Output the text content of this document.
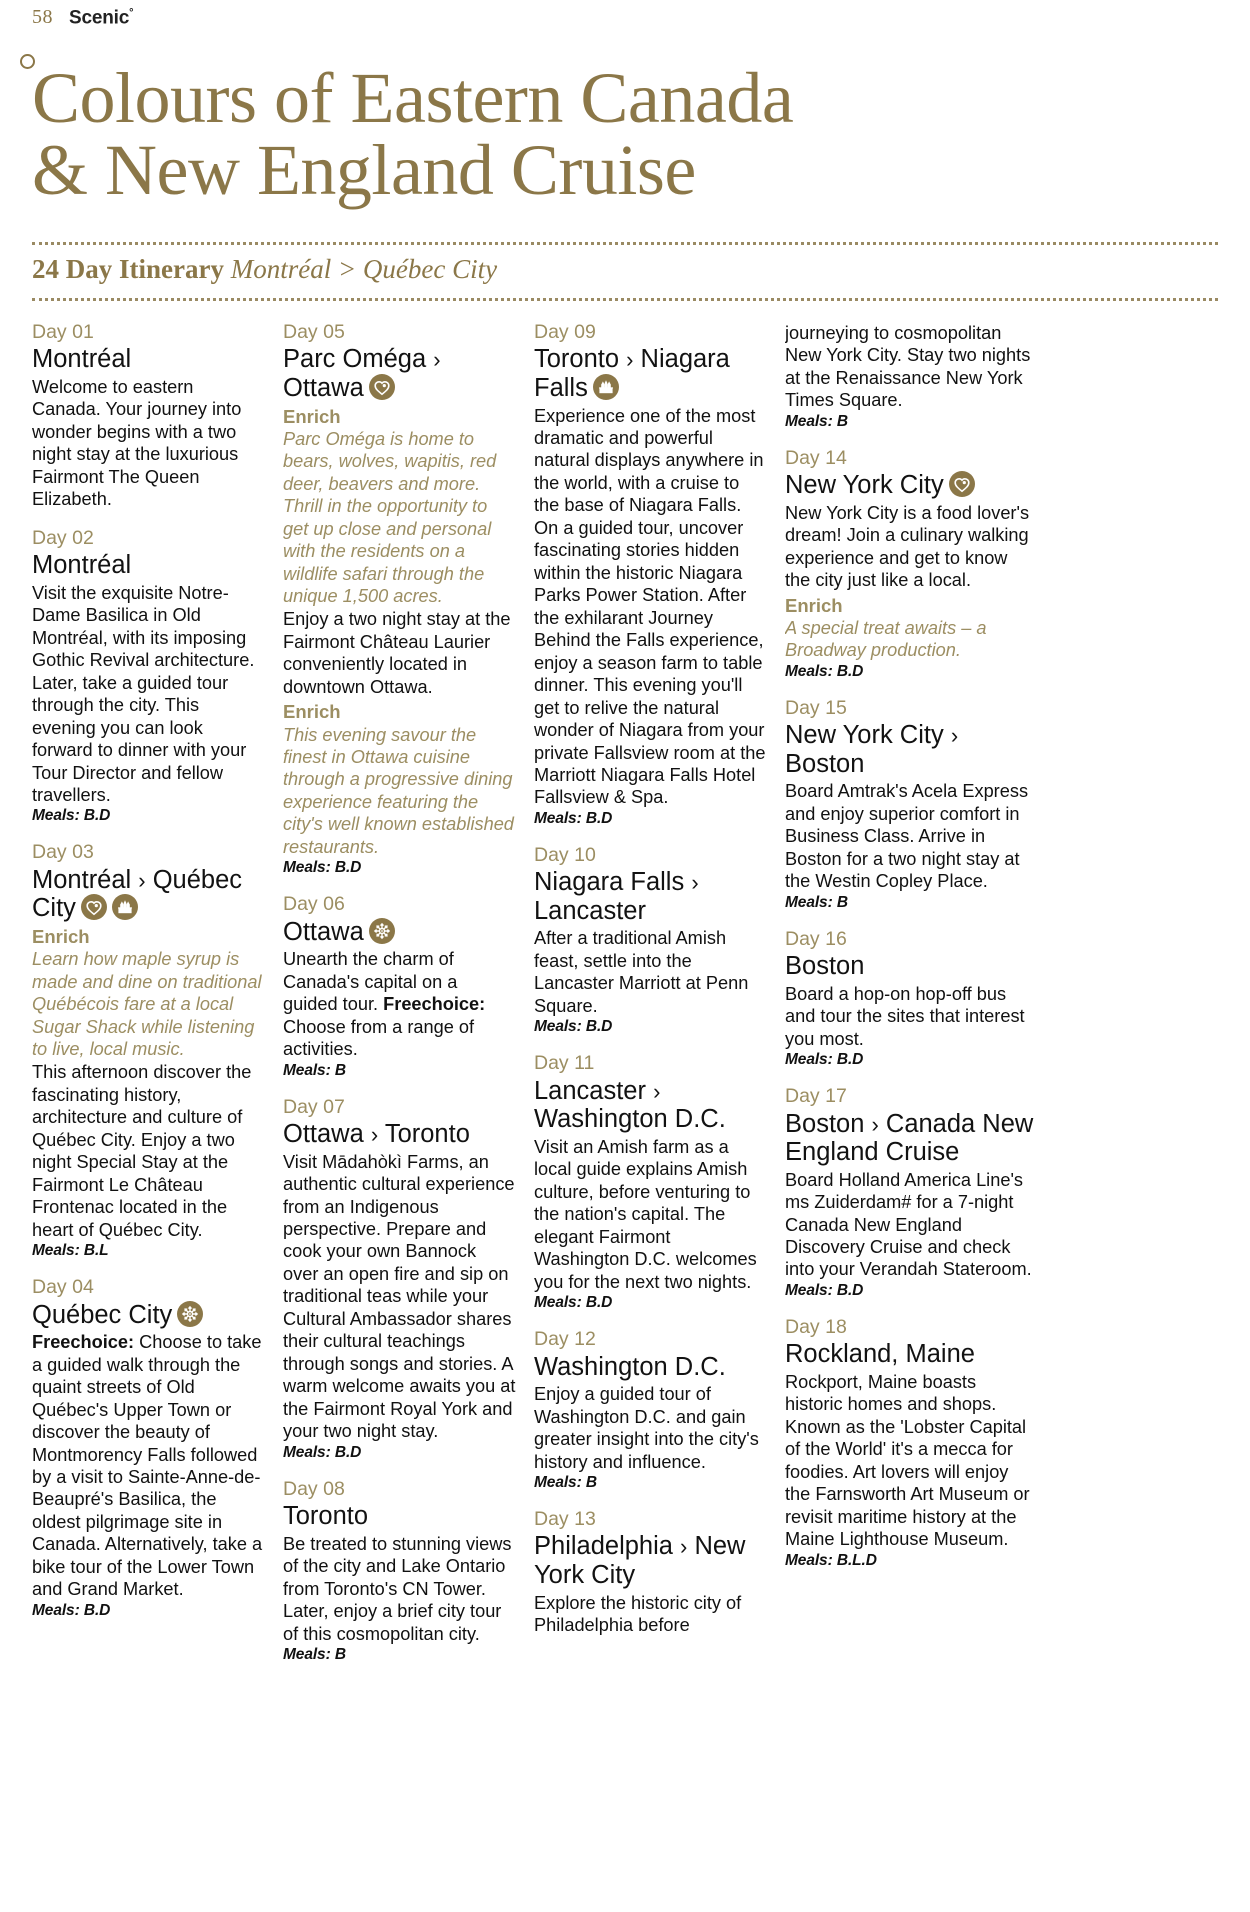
58 Scenic°
Colours of Eastern Canada & New England Cruise
24 Day Itinerary Montréal > Québec City
Day 01
Montréal
Welcome to eastern Canada. Your journey into wonder begins with a two night stay at the luxurious Fairmont The Queen Elizabeth.
Day 02
Montréal
Visit the exquisite Notre-Dame Basilica in Old Montréal, with its imposing Gothic Revival architecture. Later, take a guided tour through the city. This evening you can look forward to dinner with your Tour Director and fellow travellers.
Meals: B.D
Day 03
Montréal › Québec City
Enrich
Learn how maple syrup is made and dine on traditional Québécois fare at a local Sugar Shack while listening to live, local music.
This afternoon discover the fascinating history, architecture and culture of Québec City. Enjoy a two night Special Stay at the Fairmont Le Château Frontenac located in the heart of Québec City.
Meals: B.L
Day 04
Québec City
Freechoice: Choose to take a guided walk through the quaint streets of Old Québec's Upper Town or discover the beauty of Montmorency Falls followed by a visit to Sainte-Anne-de-Beaupré's Basilica, the oldest pilgrimage site in Canada. Alternatively, take a bike tour of the Lower Town and Grand Market.
Meals: B.D
Day 05
Parc Oméga › Ottawa
Enrich
Parc Oméga is home to bears, wolves, wapitis, red deer, beavers and more. Thrill in the opportunity to get up close and personal with the residents on a wildlife safari through the unique 1,500 acres.
Enjoy a two night stay at the Fairmont Château Laurier conveniently located in downtown Ottawa.
Enrich
This evening savour the finest in Ottawa cuisine through a progressive dining experience featuring the city's well known established restaurants.
Meals: B.D
Day 06
Ottawa
Unearth the charm of Canada's capital on a guided tour. Freechoice: Choose from a range of activities.
Meals: B
Day 07
Ottawa › Toronto
Visit Mādahòkì Farms, an authentic cultural experience from an Indigenous perspective. Prepare and cook your own Bannock over an open fire and sip on traditional teas while your Cultural Ambassador shares their cultural teachings through songs and stories. A warm welcome awaits you at the Fairmont Royal York and your two night stay.
Meals: B.D
Day 08
Toronto
Be treated to stunning views of the city and Lake Ontario from Toronto's CN Tower. Later, enjoy a brief city tour of this cosmopolitan city.
Meals: B
Day 09
Toronto › Niagara Falls
Experience one of the most dramatic and powerful natural displays anywhere in the world, with a cruise to the base of Niagara Falls. On a guided tour, uncover fascinating stories hidden within the historic Niagara Parks Power Station. After the exhilarant Journey Behind the Falls experience, enjoy a season farm to table dinner. This evening you'll get to relive the natural wonder of Niagara from your private Fallsview room at the Marriott Niagara Falls Hotel Fallsview & Spa.
Meals: B.D
Day 10
Niagara Falls › Lancaster
After a traditional Amish feast, settle into the Lancaster Marriott at Penn Square.
Meals: B.D
Day 11
Lancaster › Washington D.C.
Visit an Amish farm as a local guide explains Amish culture, before venturing to the nation's capital. The elegant Fairmont Washington D.C. welcomes you for the next two nights.
Meals: B.D
Day 12
Washington D.C.
Enjoy a guided tour of Washington D.C. and gain greater insight into the city's history and influence.
Meals: B
Day 13
Philadelphia › New York City
Explore the historic city of Philadelphia before
journeying to cosmopolitan New York City. Stay two nights at the Renaissance New York Times Square.
Meals: B
Day 14
New York City
New York City is a food lover's dream! Join a culinary walking experience and get to know the city just like a local.
Enrich
A special treat awaits – a Broadway production.
Meals: B.D
Day 15
New York City › Boston
Board Amtrak's Acela Express and enjoy superior comfort in Business Class. Arrive in Boston for a two night stay at the Westin Copley Place.
Meals: B
Day 16
Boston
Board a hop-on hop-off bus and tour the sites that interest you most.
Meals: B.D
Day 17
Boston › Canada New England Cruise
Board Holland America Line's ms Zuiderdam# for a 7-night Canada New England Discovery Cruise and check into your Verandah Stateroom.
Meals: B.D
Day 18
Rockland, Maine
Rockport, Maine boasts historic homes and shops. Known as the 'Lobster Capital of the World' it's a mecca for foodies. Art lovers will enjoy the Farnsworth Art Museum or revisit maritime history at the Maine Lighthouse Museum.
Meals: B.L.D
